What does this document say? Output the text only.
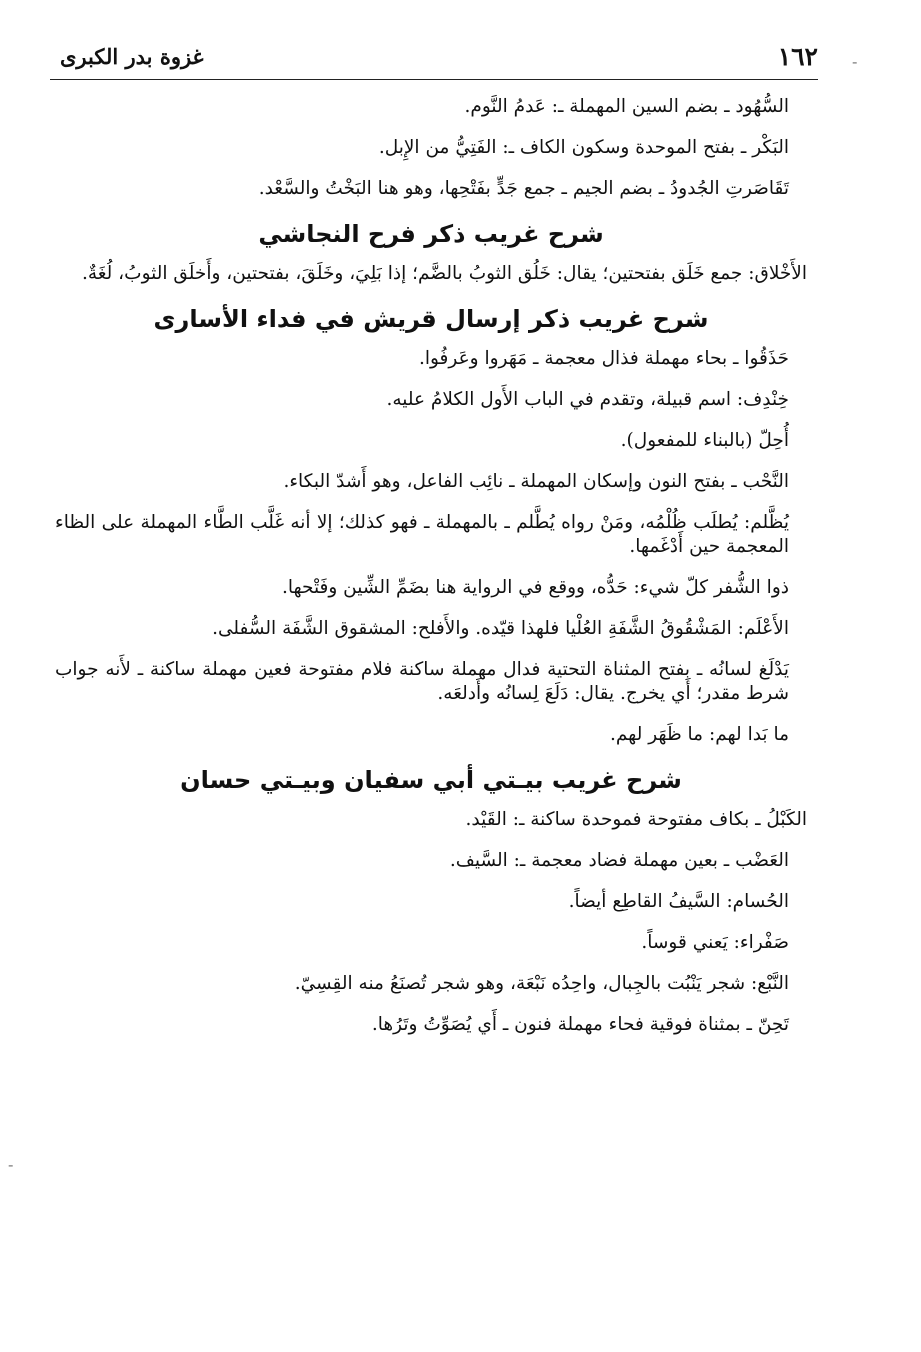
١٦٢
غزوة بدر الكبرى	-
-
السُّهُود ـ بضم السين المهملة ـ: عَدمُ النَّوم.
البَكْر ـ بفتح الموحدة وسكون الكاف ـ: الفَتِيُّ من الإِبل.
تَقَاصَرتِ الجُدودُ ـ بضم الجيم ـ جمع جَدٍّ بفَتْحِها، وهو هنا البَخْتُ والسَّعْد.
شرح غريب ذكر فرح النجاشي
الأَخْلاق: جمع خَلَق بفتحتين؛ يقال: خَلُق الثوبُ بالضَّم؛ إذا بَلِيَ، وخَلَقَ، بفتحتين، وأَخلَق الثوبُ، لُغَةٌ.
شرح غريب ذكر إرسال قريش في فداء الأسارى
حَذَقُوا ـ بحاء مهملة فذال معجمة ـ مَهَروا وعَرفُوا.
خِنْدِف: اسم قبيلة، وتقدم في الباب الأَول الكلامُ عليه.
أُحِلّ (بالبناء للمفعول).
النَّحْب ـ بفتح النون وإسكان المهملة ـ نائِب الفاعل، وهو أَشدّ البكاء.
يُظَّلم: يُطلَب ظُلْمُه، ومَنْ رواه يُطَّلم ـ بالمهملة ـ فهو كذلك؛ إلا أنه غَلَّب الطَّاء المهملة على الظاء المعجمة حين أَدْغَمها.
ذوا الشُّفر كلّ شيء: حَدُّه، ووقع في الرواية هنا بضَمِّ الشِّين وفَتْحها.
الأَعْلَم: المَشْقُوقُ الشَّفَةِ العُلْيا فلهذا قيّده. والأَفلح: المشقوق الشَّفَة السُّفلى.
يَدْلَغ لسانُه ـ بفتح المثناة التحتية فدال مهملة ساكنة فلام مفتوحة فعين مهملة ساكنة ـ لأَنه جواب شرط مقدر؛ أَي يخرج. يقال: دَلَعَ لِسانُه وأَدلعَه.
ما بَدا لهم: ما ظَهَر لهم.
شرح غريب بيـتي أبي سفيان وبيـتي حسان
الكَبْلُ ـ بكاف مفتوحة فموحدة ساكنة ـ: القَيْد.
العَضْب ـ بعين مهملة فضاد معجمة ـ: السَّيف.
الحُسام: السَّيفُ القاطِع أيضاً.
صَفْراء: يَعني قوساً.
النَّبْع: شجر يَنْبُت بالجِبال، واحِدُه نَبْعَة، وهو شجر تُصنَعُ منه القِسِيّ.
تَحِنّ ـ بمثناة فوقية فحاء مهملة فنون ـ أَي يُصَوِّتُ وتَرُها.
